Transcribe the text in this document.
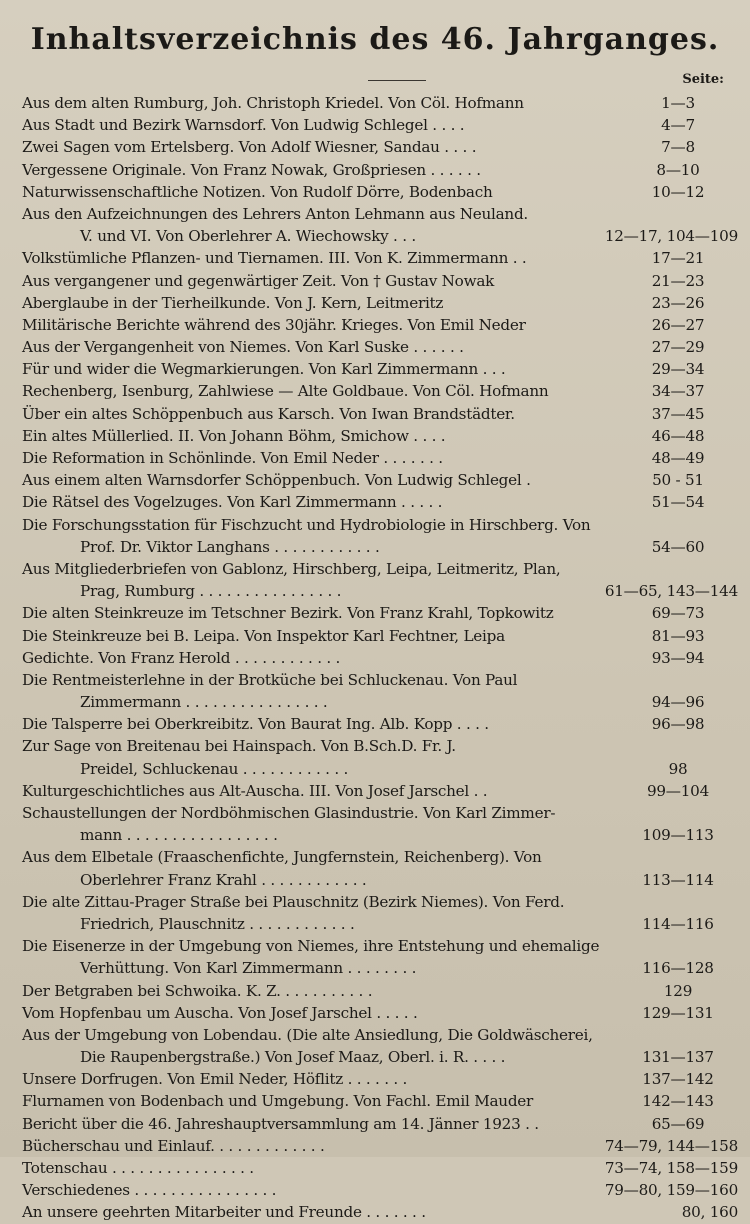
Inhaltsverzeichnis des 46. Jahrganges.
Seite:
Aus dem alten Rumburg, Joh. Christoph Kriedel. Von Cöl. Hofmann	1—3
Aus Stadt und Bezirk Warnsdorf. Von Ludwig Schlegel . . . .	4—7
Zwei Sagen vom Ertelsberg. Von Adolf Wiesner, Sandau . . . .	7—8
Vergessene Originale. Von Franz Nowak, Großpriesen . . . . . .	8—10
Naturwissenschaftliche Notizen. Von Rudolf Dörre, Bodenbach	10—12
Aus den Aufzeichnungen des Lehrers Anton Lehmann aus Neuland.
V. und VI. Von Oberlehrer A. Wiechowsky . . .	12—17, 104—109
Volkstümliche Pflanzen- und Tiernamen. III. Von K. Zimmermann . .	17—21
Aus vergangener und gegenwärtiger Zeit. Von † Gustav Nowak	21—23
Aberglaube in der Tierheilkunde. Von J. Kern, Leitmeritz	23—26
Militärische Berichte während des 30jähr. Krieges. Von Emil Neder	26—27
Aus der Vergangenheit von Niemes. Von Karl Suske . . . . . .	27—29
Für und wider die Wegmarkierungen. Von Karl Zimmermann . . .	29—34
Rechenberg, Isenburg, Zahlwiese — Alte Goldbaue. Von Cöl. Hofmann	34—37
Über ein altes Schöppenbuch aus Karsch. Von Iwan Brandstädter.	37—45
Ein altes Müllerlied. II. Von Johann Böhm, Smichow . . . .	46—48
Die Reformation in Schönlinde. Von Emil Neder . . . . . . .	48—49
Aus einem alten Warnsdorfer Schöppenbuch. Von Ludwig Schlegel .	50 - 51
Die Rätsel des Vogelzuges. Von Karl Zimmermann . . . . .	51—54
Die Forschungsstation für Fischzucht und Hydrobiologie in Hirschberg. Von
Prof. Dr. Viktor Langhans . . . . . . . . . . . .	54—60
Aus Mitgliederbriefen von Gablonz, Hirschberg, Leipa, Leitmeritz, Plan,
Prag, Rumburg . . . . . . . . . . . . . . . .	61—65, 143—144
Die alten Steinkreuze im Tetschner Bezirk. Von Franz Krahl, Topkowitz	69—73
Die Steinkreuze bei B. Leipa. Von Inspektor Karl Fechtner, Leipa	81—93
Gedichte. Von Franz Herold . . . . . . . . . . . .	93—94
Die Rentmeisterlehne in der Brotküche bei Schluckenau. Von Paul
Zimmermann . . . . . . . . . . . . . . . .	94—96
Die Talsperre bei Oberkreibitz. Von Baurat Ing. Alb. Kopp . . . .	96—98
Zur Sage von Breitenau bei Hainspach. Von B.Sch.D. Fr. J.
Preidel, Schluckenau . . . . . . . . . . . .	98
Kulturgeschichtliches aus Alt-Auscha. III. Von Josef Jarschel . .	99—104
Schaustellungen der Nordböhmischen Glasindustrie. Von Karl Zimmer-
mann . . . . . . . . . . . . . . . . .	109—113
Aus dem Elbetale (Fraaschenfichte, Jungfernstein, Reichenberg). Von
Oberlehrer Franz Krahl . . . . . . . . . . . .	113—114
Die alte Zittau-Prager Straße bei Plauschnitz (Bezirk Niemes). Von Ferd.
Friedrich, Plauschnitz . . . . . . . . . . . .	114—116
Die Eisenerze in der Umgebung von Niemes, ihre Entstehung und ehemalige
Verhüttung. Von Karl Zimmermann . . . . . . . .	116—128
Der Betgraben bei Schwoika. K. Z. . . . . . . . . . .	129
Vom Hopfenbau um Auscha. Von Josef Jarschel . . . . .	129—131
Aus der Umgebung von Lobendau. (Die alte Ansiedlung, Die Goldwäscherei,
Die Raupenbergstraße.) Von Josef Maaz, Oberl. i. R. . . . .	131—137
Unsere Dorfrugen. Von Emil Neder, Höflitz . . . . . . .	137—142
Flurnamen von Bodenbach und Umgebung. Von Fachl. Emil Mauder	142—143
Bericht über die 46. Jahreshauptversammlung am 14. Jänner 1923 . .	65—69
Bücherschau und Einlauf. . . . . . . . . . . . .	74—79, 144—158
Totenschau . . . . . . . . . . . . . . . .	73—74, 158—159
Verschiedenes . . . . . . . . . . . . . . . .	79—80, 159—160
An unsere geehrten Mitarbeiter und Freunde . . . . . . .	80, 160
